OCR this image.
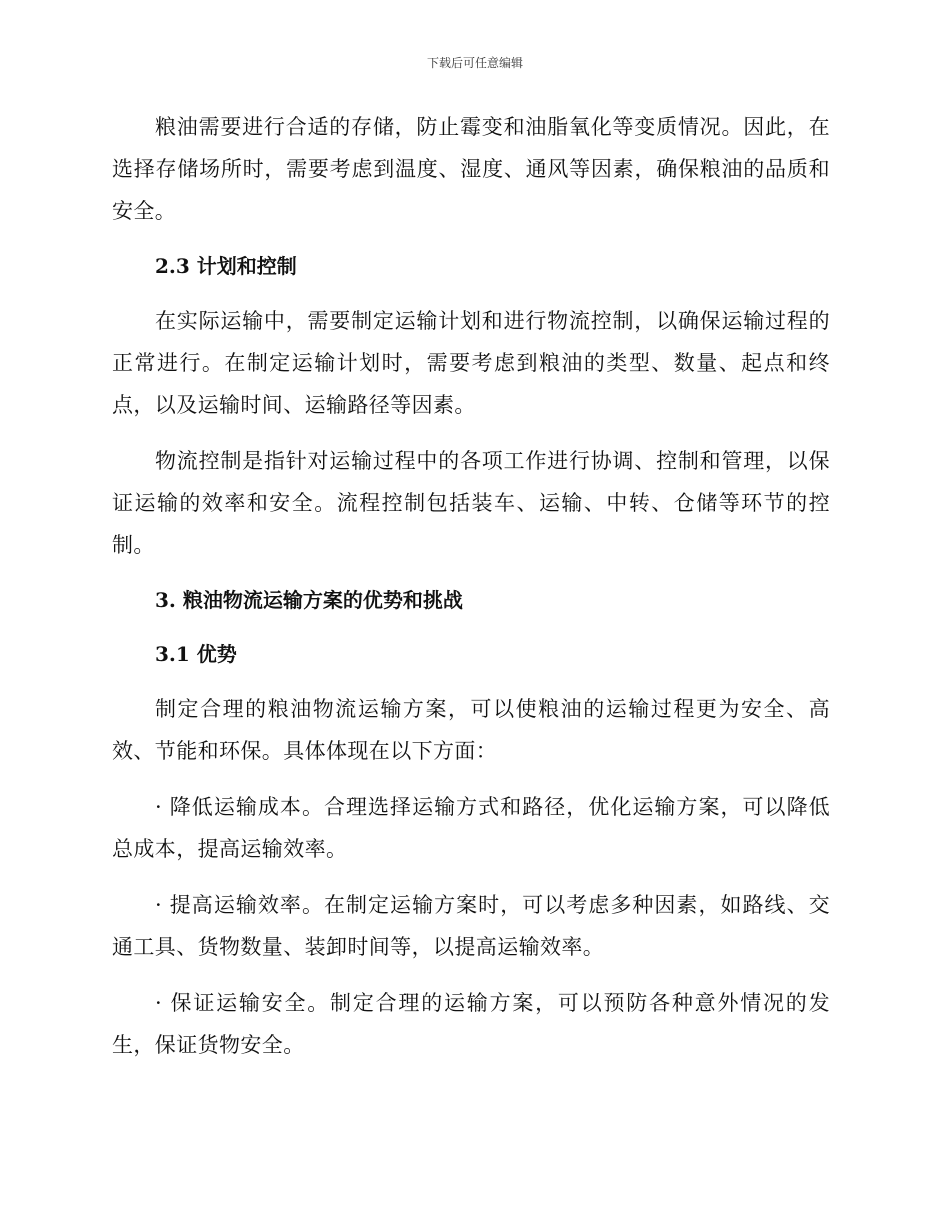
下载后可任意编辑

粮油需要进行合适的存储，防止霉变和油脂氧化等变质情况。因此，在选择存储场所时，需要考虑到温度、湿度、通风等因素，确保粮油的品质和安全。

2.3 计划和控制

在实际运输中，需要制定运输计划和进行物流控制，以确保运输过程的正常进行。在制定运输计划时，需要考虑到粮油的类型、数量、起点和终点，以及运输时间、运输路径等因素。

物流控制是指针对运输过程中的各项工作进行协调、控制和管理，以保证运输的效率和安全。流程控制包括装车、运输、中转、仓储等环节的控制。

3. 粮油物流运输方案的优势和挑战
3.1 优势

制定合理的粮油物流运输方案，可以使粮油的运输过程更为安全、高效、节能和环保。具体体现在以下方面：

· 降低运输成本。合理选择运输方式和路径，优化运输方案，可以降低总成本，提高运输效率。

· 提高运输效率。在制定运输方案时，可以考虑多种因素，如路线、交通工具、货物数量、装卸时间等，以提高运输效率。

· 保证运输安全。制定合理的运输方案，可以预防各种意外情况的发生，保证货物安全。
